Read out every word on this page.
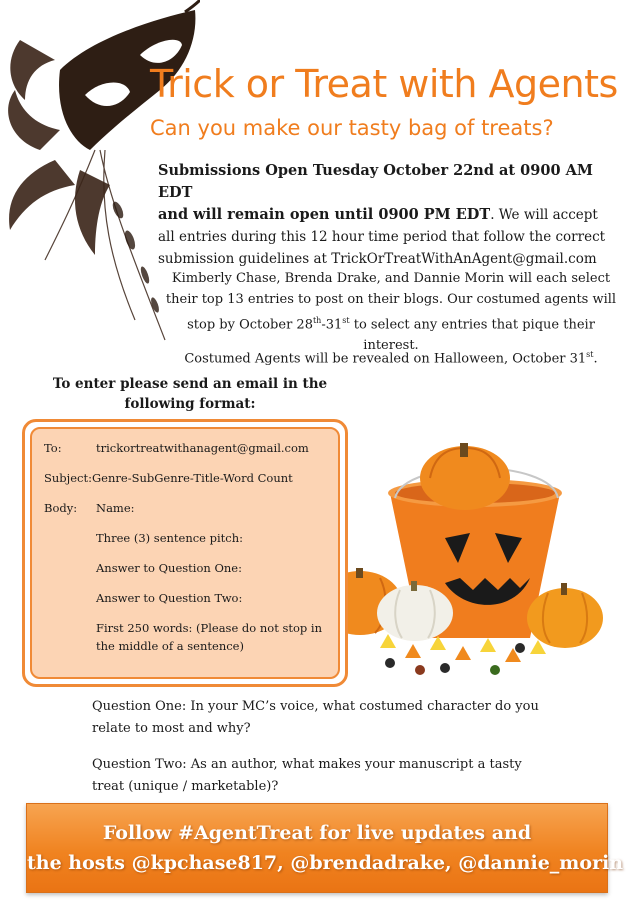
Trick or Treat with Agents
Can you make our tasty bag of treats?
Submissions Open Tuesday October 22nd at 0900 AM EDT
and will remain open until 0900 PM EDT. We will accept all entries during this 12 hour time period that follow the correct submission guidelines at TrickOrTreatWithAnAgent@gmail.com
Kimberly Chase, Brenda Drake, and Dannie Morin will each select their top 13 entries to post on their blogs. Our costumed agents will stop by October 28th-31st to select any entries that pique their interest.
Costumed Agents will be revealed on Halloween, October 31st.
To enter please send an email in the
following format:
To:	trickortreatwithanagent@gmail.com
Subject: Genre-SubGenre-Title-Word Count
Body: Name:
Three (3) sentence pitch:
Answer to Question One:
Answer to Question Two:
First 250 words: (Please do not stop in
the middle of a sentence)
Question One: In your MC’s voice, what costumed character do you
relate to most and why?
Question Two: As an author, what makes your manuscript a tasty
treat (unique / marketable)?
Follow #AgentTreat for live updates and
the hosts @kpchase817, @brendadrake, @dannie_morin
